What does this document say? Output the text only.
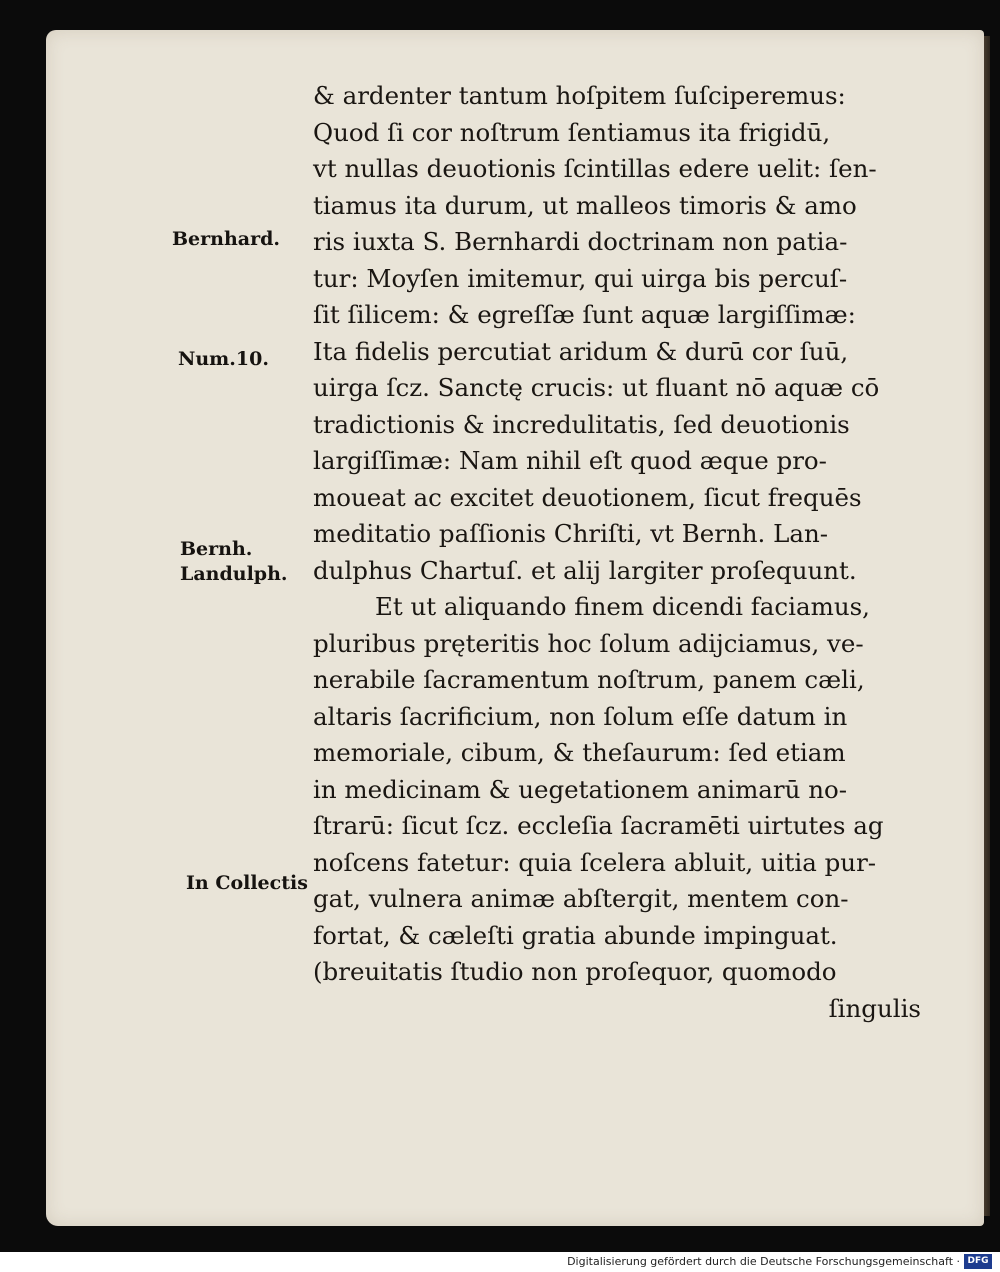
Bernhard.
Num.10.
Bernh.
Landulph.
In Collectis
& ardenter tantum hoſpitem ſuſciperemus:
Quod ſi cor noſtrum ſentiamus ita frigidū,
vt nullas deuotionis ſcintillas edere uelit: ſen-
tiamus ita durum, ut malleos timoris & amo
ris iuxta S. Bernhardi doctrinam non patia-
tur: Moyſen imitemur, qui uirga bis percuſ-
ſit ſilicem: & egreſſæ ſunt aquæ largiſſimæ:
Ita fidelis percutiat aridum & durū cor ſuū,
uirga ſcz. Sanctę crucis: ut fluant nō aquæ cō
tradictionis & incredulitatis, ſed deuotionis
largiſſimæ: Nam nihil eſt quod æque pro-
moueat ac excitet deuotionem, ſicut frequēs
meditatio paſſionis Chriſti, vt Bernh. Lan-
dulphus Chartuſ. et alij largiter proſequunt.
Et ut aliquando finem dicendi faciamus,
pluribus prętеritis hoc ſolum adijciamus, ve-
nerabile ſacramentum noſtrum, panem cæli,
altaris ſacrificium, non ſolum eſſe datum in
memoriale, cibum, & theſaurum: ſed etiam
in medicinam & uegetationem animarū no-
ſtrarū: ſicut ſcz. eccleſia ſacramēti uirtutes ag
noſcens fatetur: quia ſcelera abluit, uitia pur-
gat, vulnera animæ abſtergit, mentem con-
fortat, & cæleſti gratia abunde impinguat.
(breuitatis ſtudio non proſequor, quomodo
ſingulis
Digitalisierung gefördert durch die Deutsche Forschungsgemeinschaft · DFG
